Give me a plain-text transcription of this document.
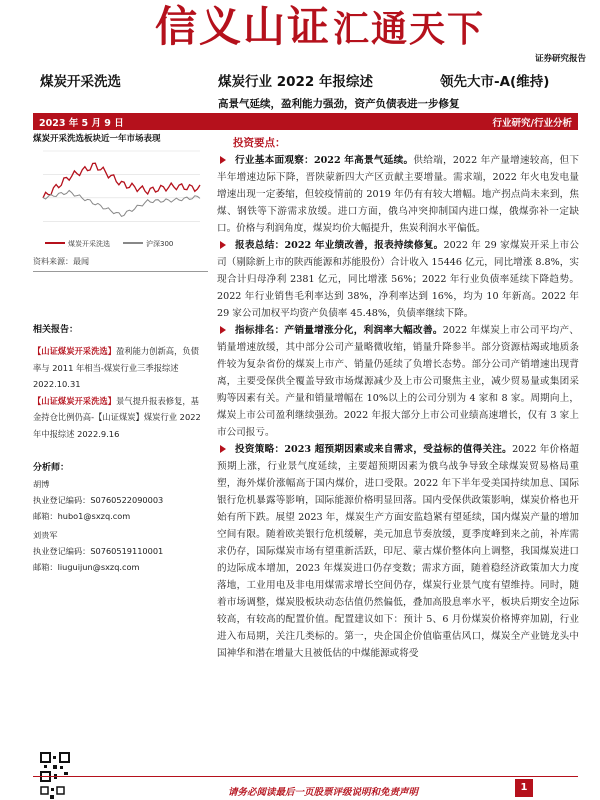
信义山证汇通天下
证券研究报告
煤炭开采洗选	煤炭行业 2022 年报综述	领先大市-A(维持)
高景气延续，盈利能力强劲，资产负债表进一步修复
2023 年 5 月 9 日	行业研究/行业分析
煤炭开采洗选板块近一年市场表现
煤炭开采洗选	沪深300
资料来源：最闻
相关报告：
【山证煤炭开采洗选】盈利能力创新高，负债率与 2011 年相当-煤炭行业三季报综述 2022.10.31
【山证煤炭开采洗选】景气提升报表修复，基金持仓比例仍高-【山证煤炭】煤炭行业 2022 年中报综述 2022.9.16
分析师：
胡博
执业登记编码：S0760522090003
邮箱：hubo1@sxzq.com
刘贵军
执业登记编码：S0760519110001
邮箱：liuguijun@sxzq.com
投资要点：

行业基本面观察：2022 年高景气延续。供给端，2022 年产量增速较高，但下半年增速边际下降，晋陕蒙新四大产区贡献主要增量。需求端，2022 年火电发电量增速出现一定萎缩，但较疫情前的 2019 年仍有有较大增幅。地产拐点尚未来到，焦煤、钢铁等下游需求放缓。进口方面，俄乌冲突抑制国内进口煤，俄煤弥补一定缺口。价格与利润角度，煤炭均价大幅提升，焦炭利润水平偏低。

报表总结：2022 年业绩改善，报表持续修复。2022 年 29 家煤炭开采上市公司（剔除新上市的陕西能源和苏能股份）合计收入 15446 亿元，同比增涨 8.8%，实现合计归母净利 2381 亿元，同比增涨 56%；2022 年行业负债率延续下降趋势。2022 年行业销售毛利率达到 38%，净利率达到 16%，均为 10 年新高。2022 年 29 家公司加权平均资产负债率 45.48%，负债率继续下降。

指标排名：产销量增涨分化，利润率大幅改善。2022 年煤炭上市公司平均产、销量增速放缓，其中部分公司产量略微收缩，销量升降参半。部分资源枯竭或地质条件较为复杂省份的煤炭上市产、销量仍延续了负增长态势。部分公司产销增速出现背离，主要受保供全覆盖导致市场煤源减少及上市公司聚焦主业，减少贸易量或集团采购等因素有关。产量和销量增幅在 10%以上的公司分别为 4 家和 8 家。周期向上，煤炭上市公司盈利继续强劲。2022 年报大部分上市公司业绩高速增长，仅有 3 家上市公司报亏。

投资策略：2023 超预期因素或来自需求，受益标的值得关注。2022 年价格超预期上涨，行业景气度延续，主要超预期因素为俄乌战争导致全球煤炭贸易格局重塑，海外煤价涨幅高于国内煤价，进口受限。2022 年下半年受美国持续加息、国际银行危机暴露等影响，国际能源价格明显回落。国内受保供政策影响，煤炭价格也开始有所下跌。展望 2023 年，煤炭生产方面安监趋紧有望延续，国内煤炭产量的增加空间有限。随着欧美银行危机缓解，美元加息节奏放缓，夏季度峰到来之前，补库需求仍存，国际煤炭市场有望重新活跃，印尼、蒙古煤价整体向上调整，我国煤炭进口的边际成本增加，2023 年煤炭进口仍存变数；需求方面，随着稳经济政策加大力度落地，工业用电及非电用煤需求增长空间仍存，煤炭行业景气度有望维持。同时，随着市场调整，煤炭股板块动态估值仍然偏低，叠加高股息率水平，板块后期安全边际较高，有较高的配置价值。配置建议如下：预计 5、6 月份煤炭价格博弈加剧，行业进入布局期，关注几类标的。第一，央企国企价值临重估风口，煤炭全产业链龙头中国神华和潜在增量大且被低估的中煤能源或将受

请务必阅读最后一页股票评级说明和免责声明	1
